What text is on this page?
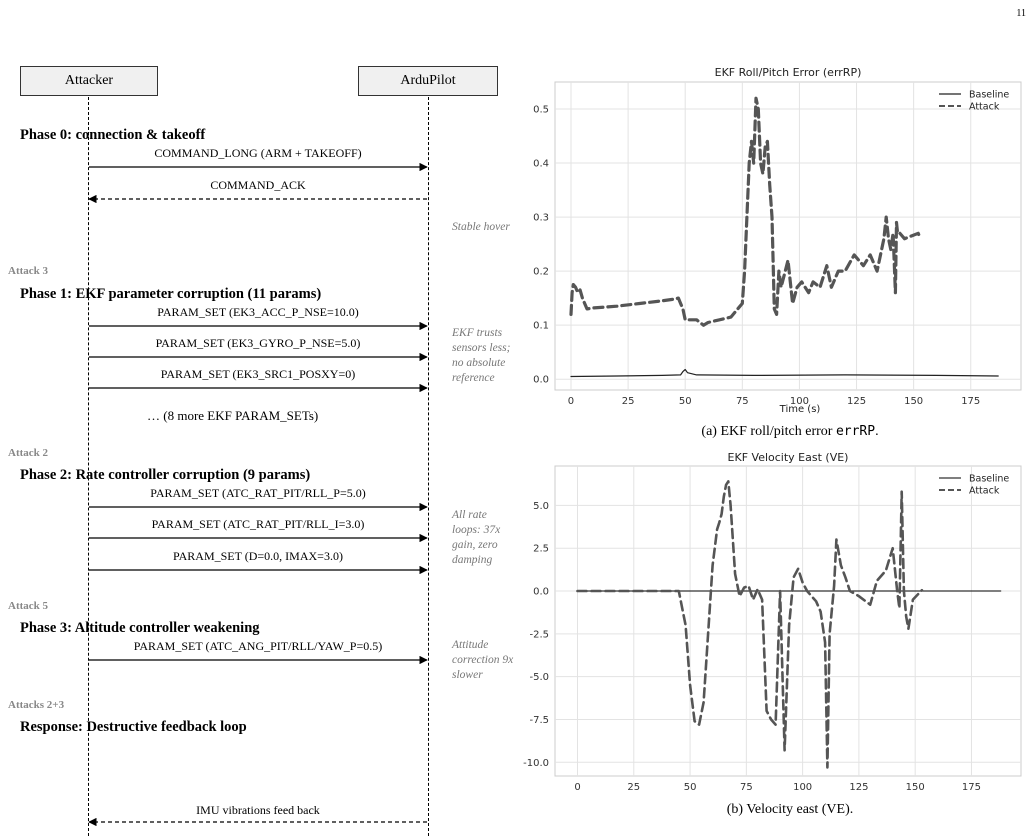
11
Attacker	ArduPilot
Phase 0: connection & takeoff
Attack 3
Phase 1: EKF parameter corruption (11 params)
Attack 2
Phase 2: Rate controller corruption (9 params)
Attack 5
Phase 3: Altitude controller weakening
Attacks 2+3
Response: Destructive feedback loop
COMMAND_LONG (ARM + TAKEOFF)
COMMAND_ACK
PARAM_SET (EK3_ACC_P_NSE=10.0)
PARAM_SET (EK3_GYRO_P_NSE=5.0)
PARAM_SET (EK3_SRC1_POSXY=0)
… (8 more EKF PARAM_SETs)
PARAM_SET (ATC_RAT_PIT/RLL_P=5.0)
PARAM_SET (ATC_RAT_PIT/RLL_I=3.0)
PARAM_SET (D=0.0, IMAX=3.0)
PARAM_SET (ATC_ANG_PIT/RLL/YAW_P=0.5)
IMU vibrations feed back
Stable hover
EKF trusts sensors less; no absolute reference
All rate loops: 37x gain, zero damping
Attitude correction 9x slower
0	25	50	75	100	125	150	175
0.0
0.1
0.2
0.3
0.4
0.5
EKF Roll/Pitch Error (errRP)
Time (s)
Baseline
Attack
0	25	50	75	100	125	150	175
5.0
2.5
0.0
-2.5
-5.0
-7.5
-10.0
EKF Velocity East (VE)
Baseline
Attack
(a) EKF roll/pitch error errRP.
(b) Velocity east (VE).
